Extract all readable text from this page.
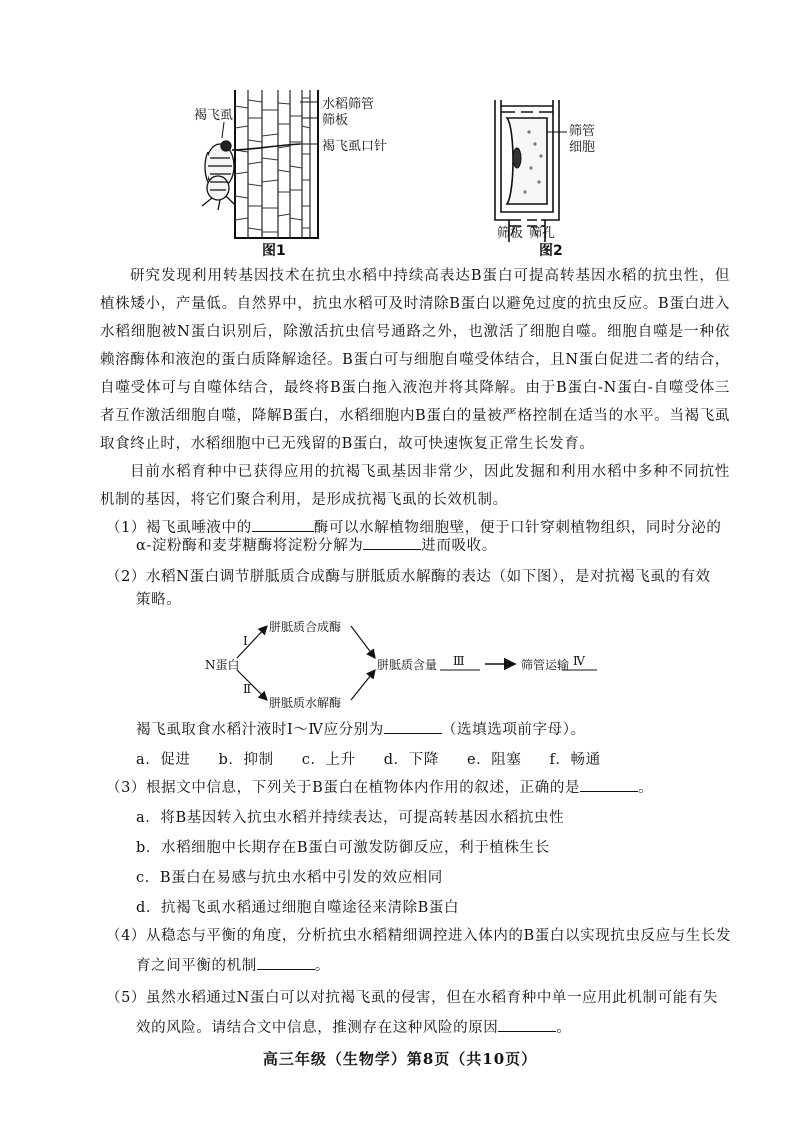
褐飞虱
水稻筛管
筛板
褐飞虱口针
图1
筛管细胞
筛板 筛孔
图2

研究发现利用转基因技术在抗虫水稻中持续高表达B蛋白可提高转基因水稻的抗虫性，但植株矮小，产量低。自然界中，抗虫水稻可及时清除B蛋白以避免过度的抗虫反应。B蛋白进入水稻细胞被N蛋白识别后，除激活抗虫信号通路之外，也激活了细胞自噬。细胞自噬是一种依赖溶酶体和液泡的蛋白质降解途径。B蛋白可与细胞自噬受体结合，且N蛋白促进二者的结合，自噬受体可与自噬体结合，最终将B蛋白拖入液泡并将其降解。由于B蛋白-N蛋白-自噬受体三者互作激活细胞自噬，降解B蛋白，水稻细胞内B蛋白的量被严格控制在适当的水平。当褐飞虱取食终止时，水稻细胞中已无残留的B蛋白，故可快速恢复正常生长发育。

目前水稻育种中已获得应用的抗褐飞虱基因非常少，因此发掘和利用水稻中多种不同抗性机制的基因，将它们聚合利用，是形成抗褐飞虱的长效机制。

（1）褐飞虱唾液中的	酶可以水解植物细胞壁，便于口针穿刺植物组织，同时分泌的
α-淀粉酶和麦芽糖酶将淀粉分解为	进而吸收。
（2）水稻N蛋白调节胼胝质合成酶与胼胝质水解酶的表达（如下图），是对抗褐飞虱的有效
策略。
N蛋白
Ⅰ
Ⅱ
胼胝质合成酶
胼胝质水解酶
胼胝质含量 Ⅲ	筛管运输 Ⅳ
褐飞虱取食水稻汁液时Ⅰ～Ⅳ应分别为	（选填选项前字母）。
a．促进 b．抑制 c．上升 d．下降 e．阻塞 f．畅通
（3）根据文中信息，下列关于B蛋白在植物体内作用的叙述，正确的是	。
a．将B基因转入抗虫水稻并持续表达，可提高转基因水稻抗虫性
b．水稻细胞中长期存在B蛋白可激发防御反应，利于植株生长
c．B蛋白在易感与抗虫水稻中引发的效应相同
d．抗褐飞虱水稻通过细胞自噬途径来清除B蛋白
（4）从稳态与平衡的角度，分析抗虫水稻精细调控进入体内的B蛋白以实现抗虫反应与生长发
育之间平衡的机制	。
（5）虽然水稻通过N蛋白可以对抗褐飞虱的侵害，但在水稻育种中单一应用此机制可能有失
效的风险。请结合文中信息，推测存在这种风险的原因	。
高三年级（生物学）第8页（共10页）
